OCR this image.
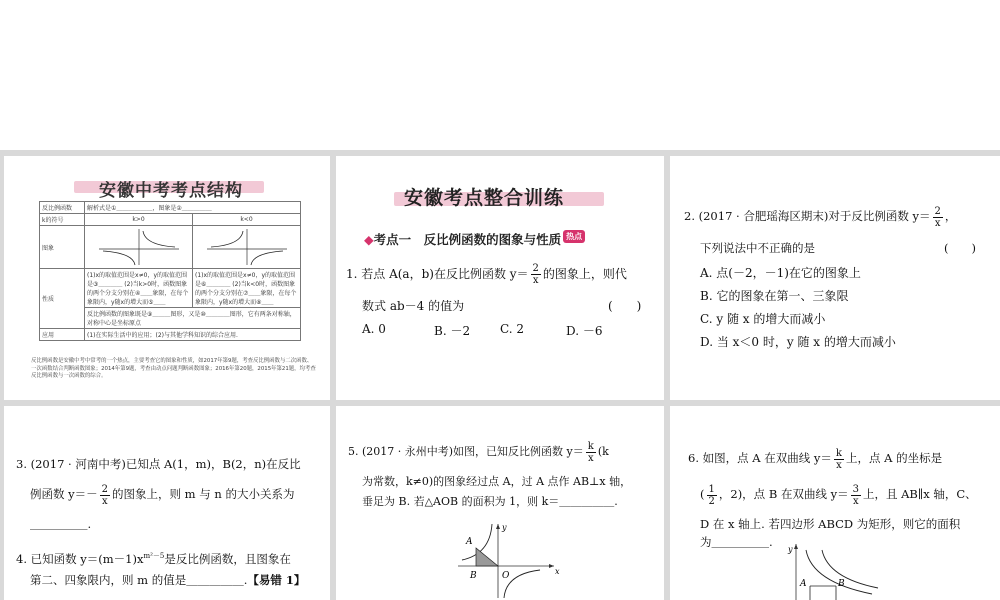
安徽中考考点结构
反比例函数	解析式是①＿＿＿＿＿＿，图象是②＿＿＿＿＿	
k的符号	k>0	k<0
图象	

性质	(1)x的取值范围是x≠0，y的取值范围是③＿＿＿＿ (2)当k>0时，函数图象的两个分支分别在④＿＿象限，在每个象限内，y随x的增大而⑤＿＿	(1)x的取值范围是x≠0，y的取值范围是⑥＿＿＿＿ (2)当k<0时，函数图象的两个分支分别在⑦＿＿象限，在每个象限内，y随x的增大而⑧＿＿
	反比例函数的图象既是⑨＿＿＿图形，又是⑩＿＿＿＿图形，它有两条对称轴，对称中心是坐标原点	
应用	(1)在实际生活中的应用；(2)与其他学科知识的综合应用.	
反比例函数是安徽中考中常考的一个热点，主要考查它的图象和性质，如2017年第9题，考查反比例函数与二次函数、一次函数结合判断函数图象；2014年第9题，考查由动点问题判断函数图象；2016年第20题，2015年第21题，均考查反比例函数与一次函数的综合。
安徽考点整合训练
◆考点一　反比例函数的图象与性质 热点
1. 若点 A(a，b)在反比例函数 $y= \frac{2}{x}$ 的图象上，则代
数式 ab－4 的值为	(　　)
A. 0	B. －2 C. 2	D. －6
2. (2017 · 合肥瑶海区期末)对于反比例函数 $y= \frac{2}{x}$ ，
下列说法中不正确的是	(　　)
A. 点(－2，－1)在它的图象上
B. 它的图象在第一、三象限
C. y 随 x 的增大而减小
D. 当 x＜0 时，y 随 x 的增大而减小
3. (2017 · 河南中考)已知点 A(1，m)，B(2，n)在反比
例函数 $y=- \frac{2}{x}$ 的图象上，则 m 与 n 的大小关系为
＿＿＿＿＿.
4. 已知函数 $y=(m-1)x^{m^2-5}$是反比例函数，且图象在
第二、四象限内，则 m 的值是＿＿＿＿＿.【易错 1】
5. (2017 · 永州中考)如图，已知反比例函数 $y= \frac{k}{x} (k$
为常数，k≠0)的图象经过点 A，过 A 点作 AB⊥x 轴，
垂足为 B. 若△AOB 的面积为 1，则 k＝＿＿＿＿＿.
A
B	O	x
y
6. 如图，点 A 在双曲线 $y= \frac{k}{x}$ 上，点 A 的坐标是
( $\frac{1}{2}$ ，2)，点 B 在双曲线 $y= \frac{3}{x}$ 上，且 AB∥x 轴，C、
D 在 x 轴上. 若四边形 ABCD 为矩形，则它的面积
为＿＿＿＿＿.
y
A	B
